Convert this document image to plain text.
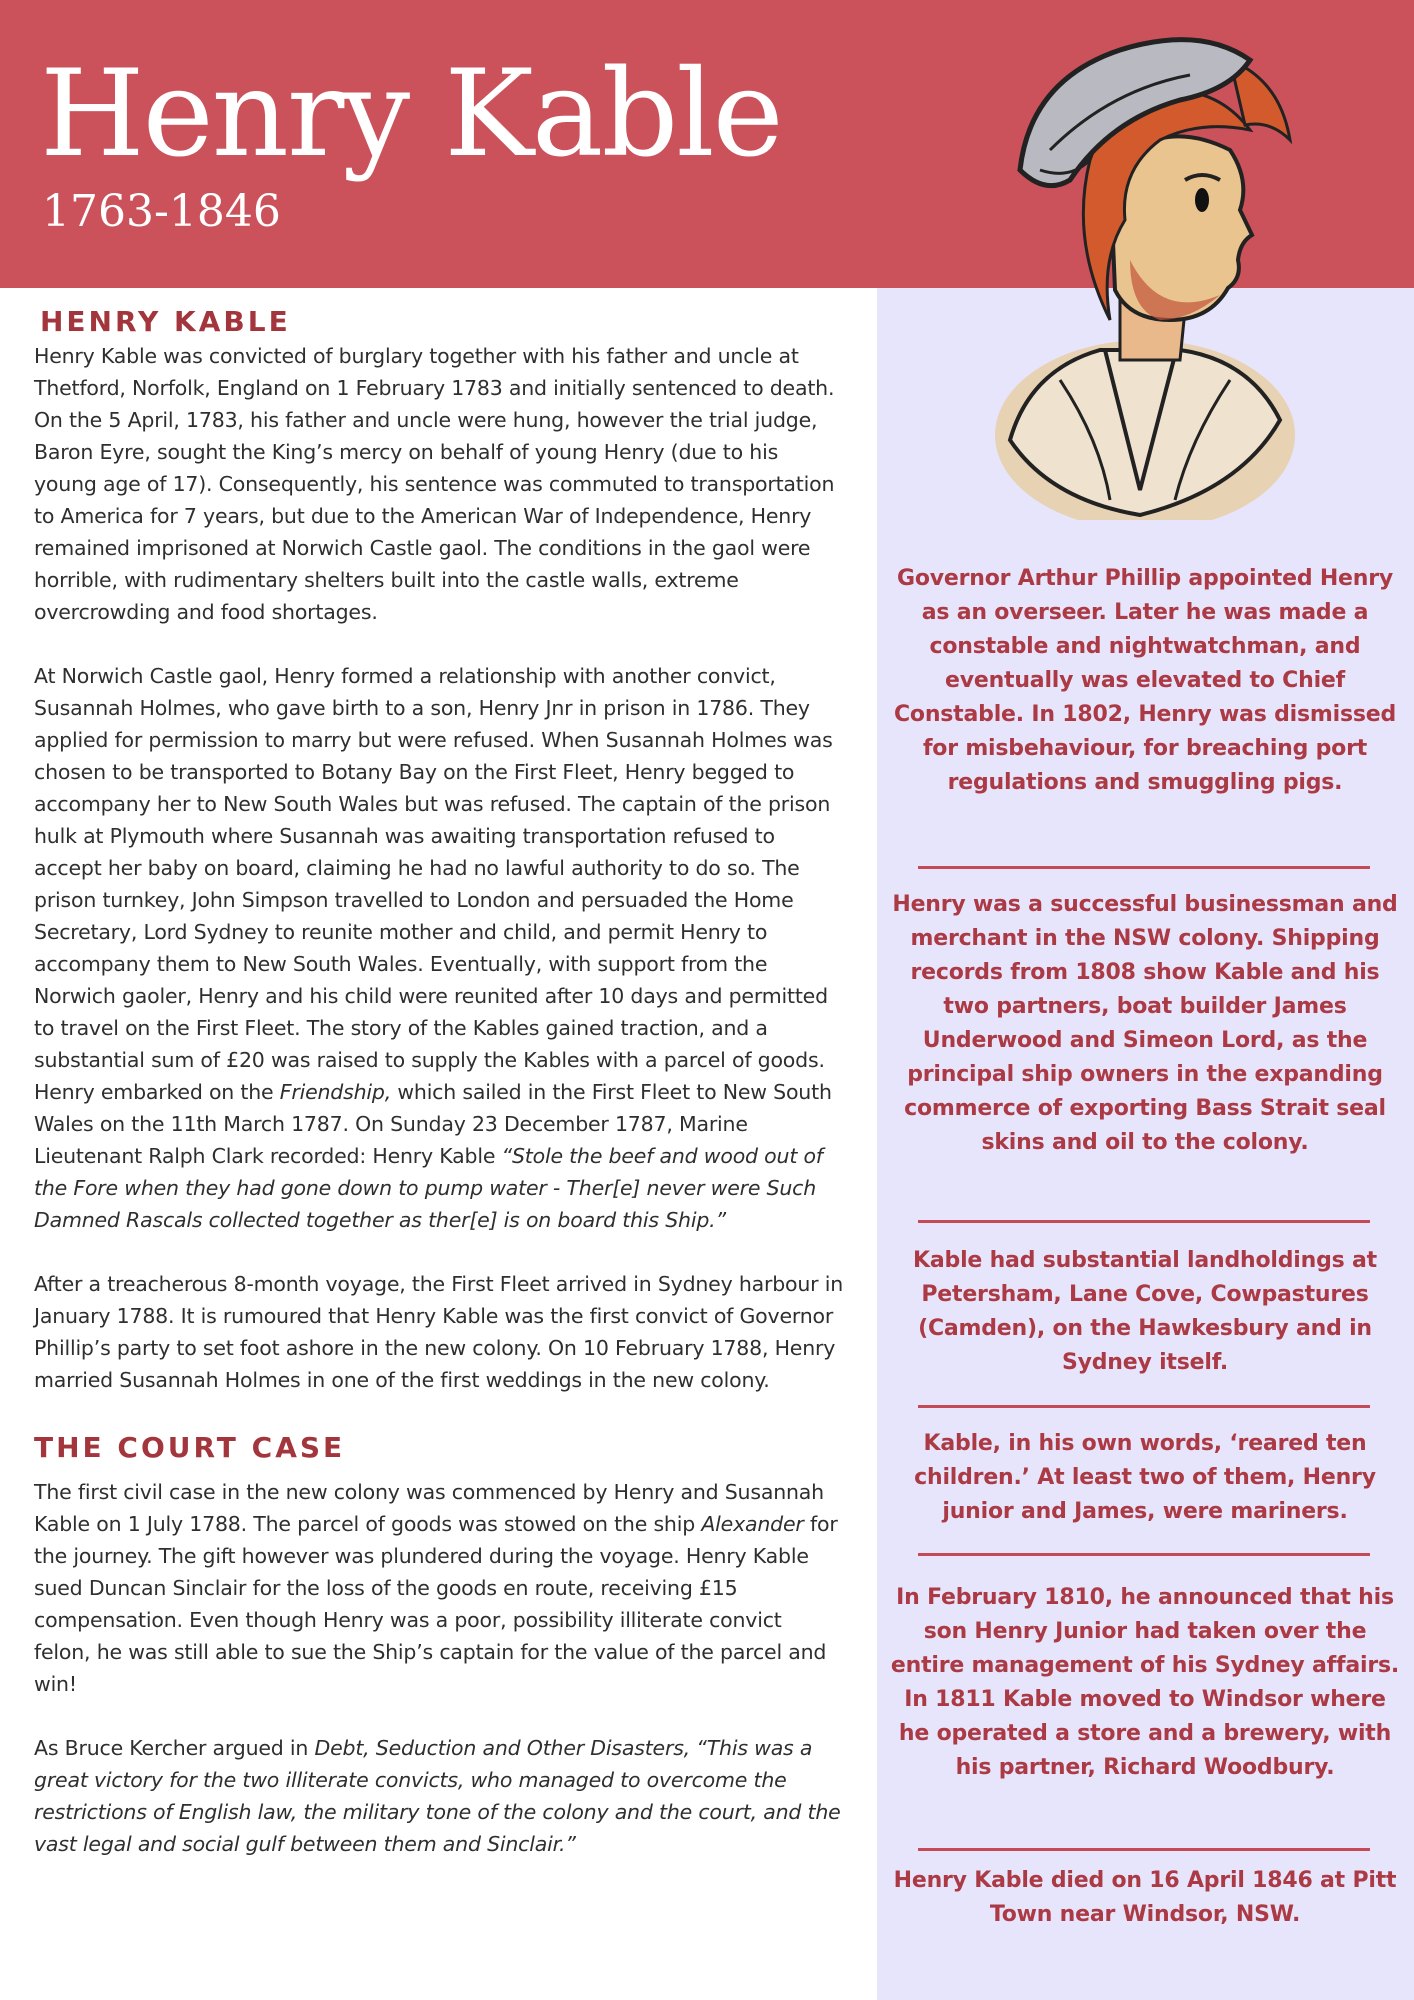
Henry Kable
1763-1846
HENRY KABLE

Henry Kable was convicted of burglary together with his father and uncle at Thetford, Norfolk, England on 1 February 1783 and initially sentenced to death. On the 5 April, 1783, his father and uncle were hung, however the trial judge, Baron Eyre, sought the King’s mercy on behalf of young Henry (due to his young age of 17). Consequently, his sentence was commuted to transportation to America for 7 years, but due to the American War of Independence, Henry remained imprisoned at Norwich Castle gaol. The conditions in the gaol were horrible, with rudimentary shelters built into the castle walls, extreme overcrowding and food shortages.

At Norwich Castle gaol, Henry formed a relationship with another convict, Susannah Holmes, who gave birth to a son, Henry Jnr in prison in 1786. They applied for permission to marry but were refused. When Susannah Holmes was chosen to be transported to Botany Bay on the First Fleet, Henry begged to accompany her to New South Wales but was refused. The captain of the prison hulk at Plymouth where Susannah was awaiting transportation refused to accept her baby on board, claiming he had no lawful authority to do so. The prison turnkey, John Simpson travelled to London and persuaded the Home Secretary, Lord Sydney to reunite mother and child, and permit Henry to accompany them to New South Wales. Eventually, with support from the Norwich gaoler, Henry and his child were reunited after 10 days and permitted to travel on the First Fleet. The story of the Kables gained traction, and a substantial sum of £20 was raised to supply the Kables with a parcel of goods. Henry embarked on the Friendship, which sailed in the First Fleet to New South Wales on the 11th March 1787. On Sunday 23 December 1787, Marine Lieutenant Ralph Clark recorded: Henry Kable “Stole the beef and wood out of the Fore when they had gone down to pump water - Ther[e] never were Such Damned Rascals collected together as ther[e] is on board this Ship.”

After a treacherous 8-month voyage, the First Fleet arrived in Sydney harbour in January 1788. It is rumoured that Henry Kable was the first convict of Governor Phillip’s party to set foot ashore in the new colony. On 10 February 1788, Henry married Susannah Holmes in one of the first weddings in the new colony.

THE COURT CASE

The first civil case in the new colony was commenced by Henry and Susannah Kable on 1 July 1788. The parcel of goods was stowed on the ship Alexander for the journey. The gift however was plundered during the voyage. Henry Kable sued Duncan Sinclair for the loss of the goods en route, receiving £15 compensation. Even though Henry was a poor, possibility illiterate convict felon, he was still able to sue the Ship’s captain for the value of the parcel and win!

As Bruce Kercher argued in Debt, Seduction and Other Disasters, “This was a great victory for the two illiterate convicts, who managed to overcome the restrictions of English law, the military tone of the colony and the court, and the vast legal and social gulf between them and Sinclair.”

Governor Arthur Phillip appointed Henry as an overseer. Later he was made a constable and nightwatchman, and eventually was elevated to Chief Constable. In 1802, Henry was dismissed for misbehaviour, for breaching port regulations and smuggling pigs.
Henry was a successful businessman and merchant in the NSW colony. Shipping records from 1808 show Kable and his two partners, boat builder James Underwood and Simeon Lord, as the principal ship owners in the expanding commerce of exporting Bass Strait seal skins and oil to the colony.
Kable had substantial landholdings at Petersham, Lane Cove, Cowpastures (Camden), on the Hawkesbury and in Sydney itself.
Kable, in his own words, ‘reared ten children.’ At least two of them, Henry junior and James, were mariners.
In February 1810, he announced that his son Henry Junior had taken over the entire management of his Sydney affairs. In 1811 Kable moved to Windsor where he operated a store and a brewery, with his partner, Richard Woodbury.
Henry Kable died on 16 April 1846 at Pitt Town near Windsor, NSW.
